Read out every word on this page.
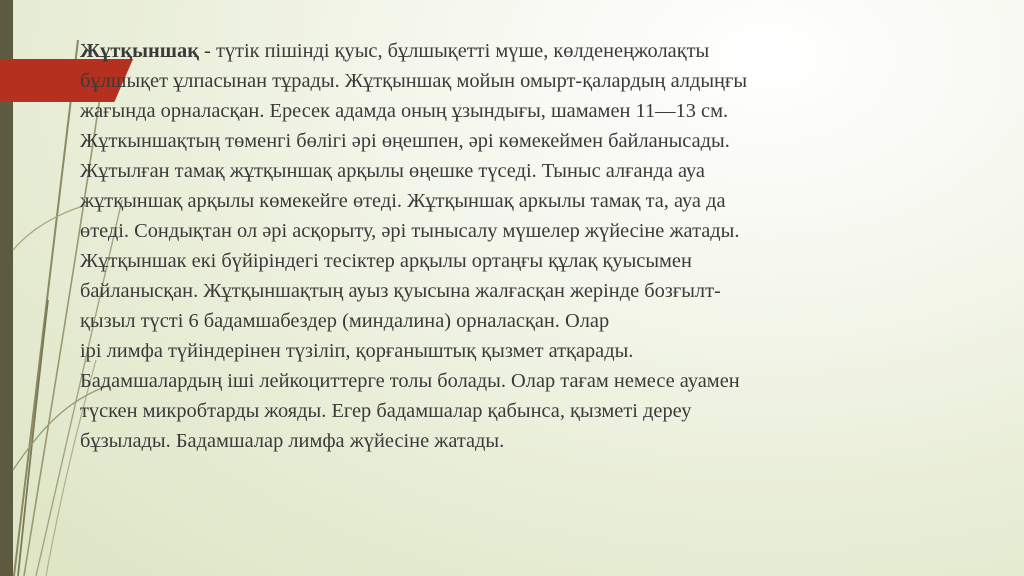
Жұтқыншақ - түтік пішінді қуыс, бұлшықетті мүше, көлденеңжолақты

бұлшықет ұлпасынан тұрады. Жұтқыншақ мойын омырт-қалардың алдыңғы

жағында орналасқан. Ересек адамда оның ұзындығы, шамамен 11—13 см.

Жұткыншақтың төменгі бөлігі әрі өңешпен, әрі көмекеймен байланысады.

Жұтылған тамақ жұтқыншақ арқылы өңешке түседі. Тыныс алғанда ауа

жұтқыншақ арқылы көмекейге өтеді. Жұтқыншақ аркылы тамақ та, ауа да

өтеді. Сондықтан ол әрі асқорыту, әрі тынысалу мүшелер жүйесіне жатады.

Жұтқыншак екі бүйіріндегі тесіктер арқылы ортаңғы құлақ қуысымен

байланысқан. Жұтқыншақтың ауыз қуысына жалғасқан жерінде бозғылт-

қызыл түсті 6 бадамшабездер (миндалина) орналасқан. Олар

ірі лимфа түйіндерінен түзіліп, қорғаныштық қызмет атқарады.

Бадамшалардың іші лейкоциттерге толы болады. Олар тағам немесе ауамен

түскен микробтарды жояды. Егер бадамшалар қабынса, қызметі дереу

бұзылады. Бадамшалар лимфа жүйесіне жатады.
